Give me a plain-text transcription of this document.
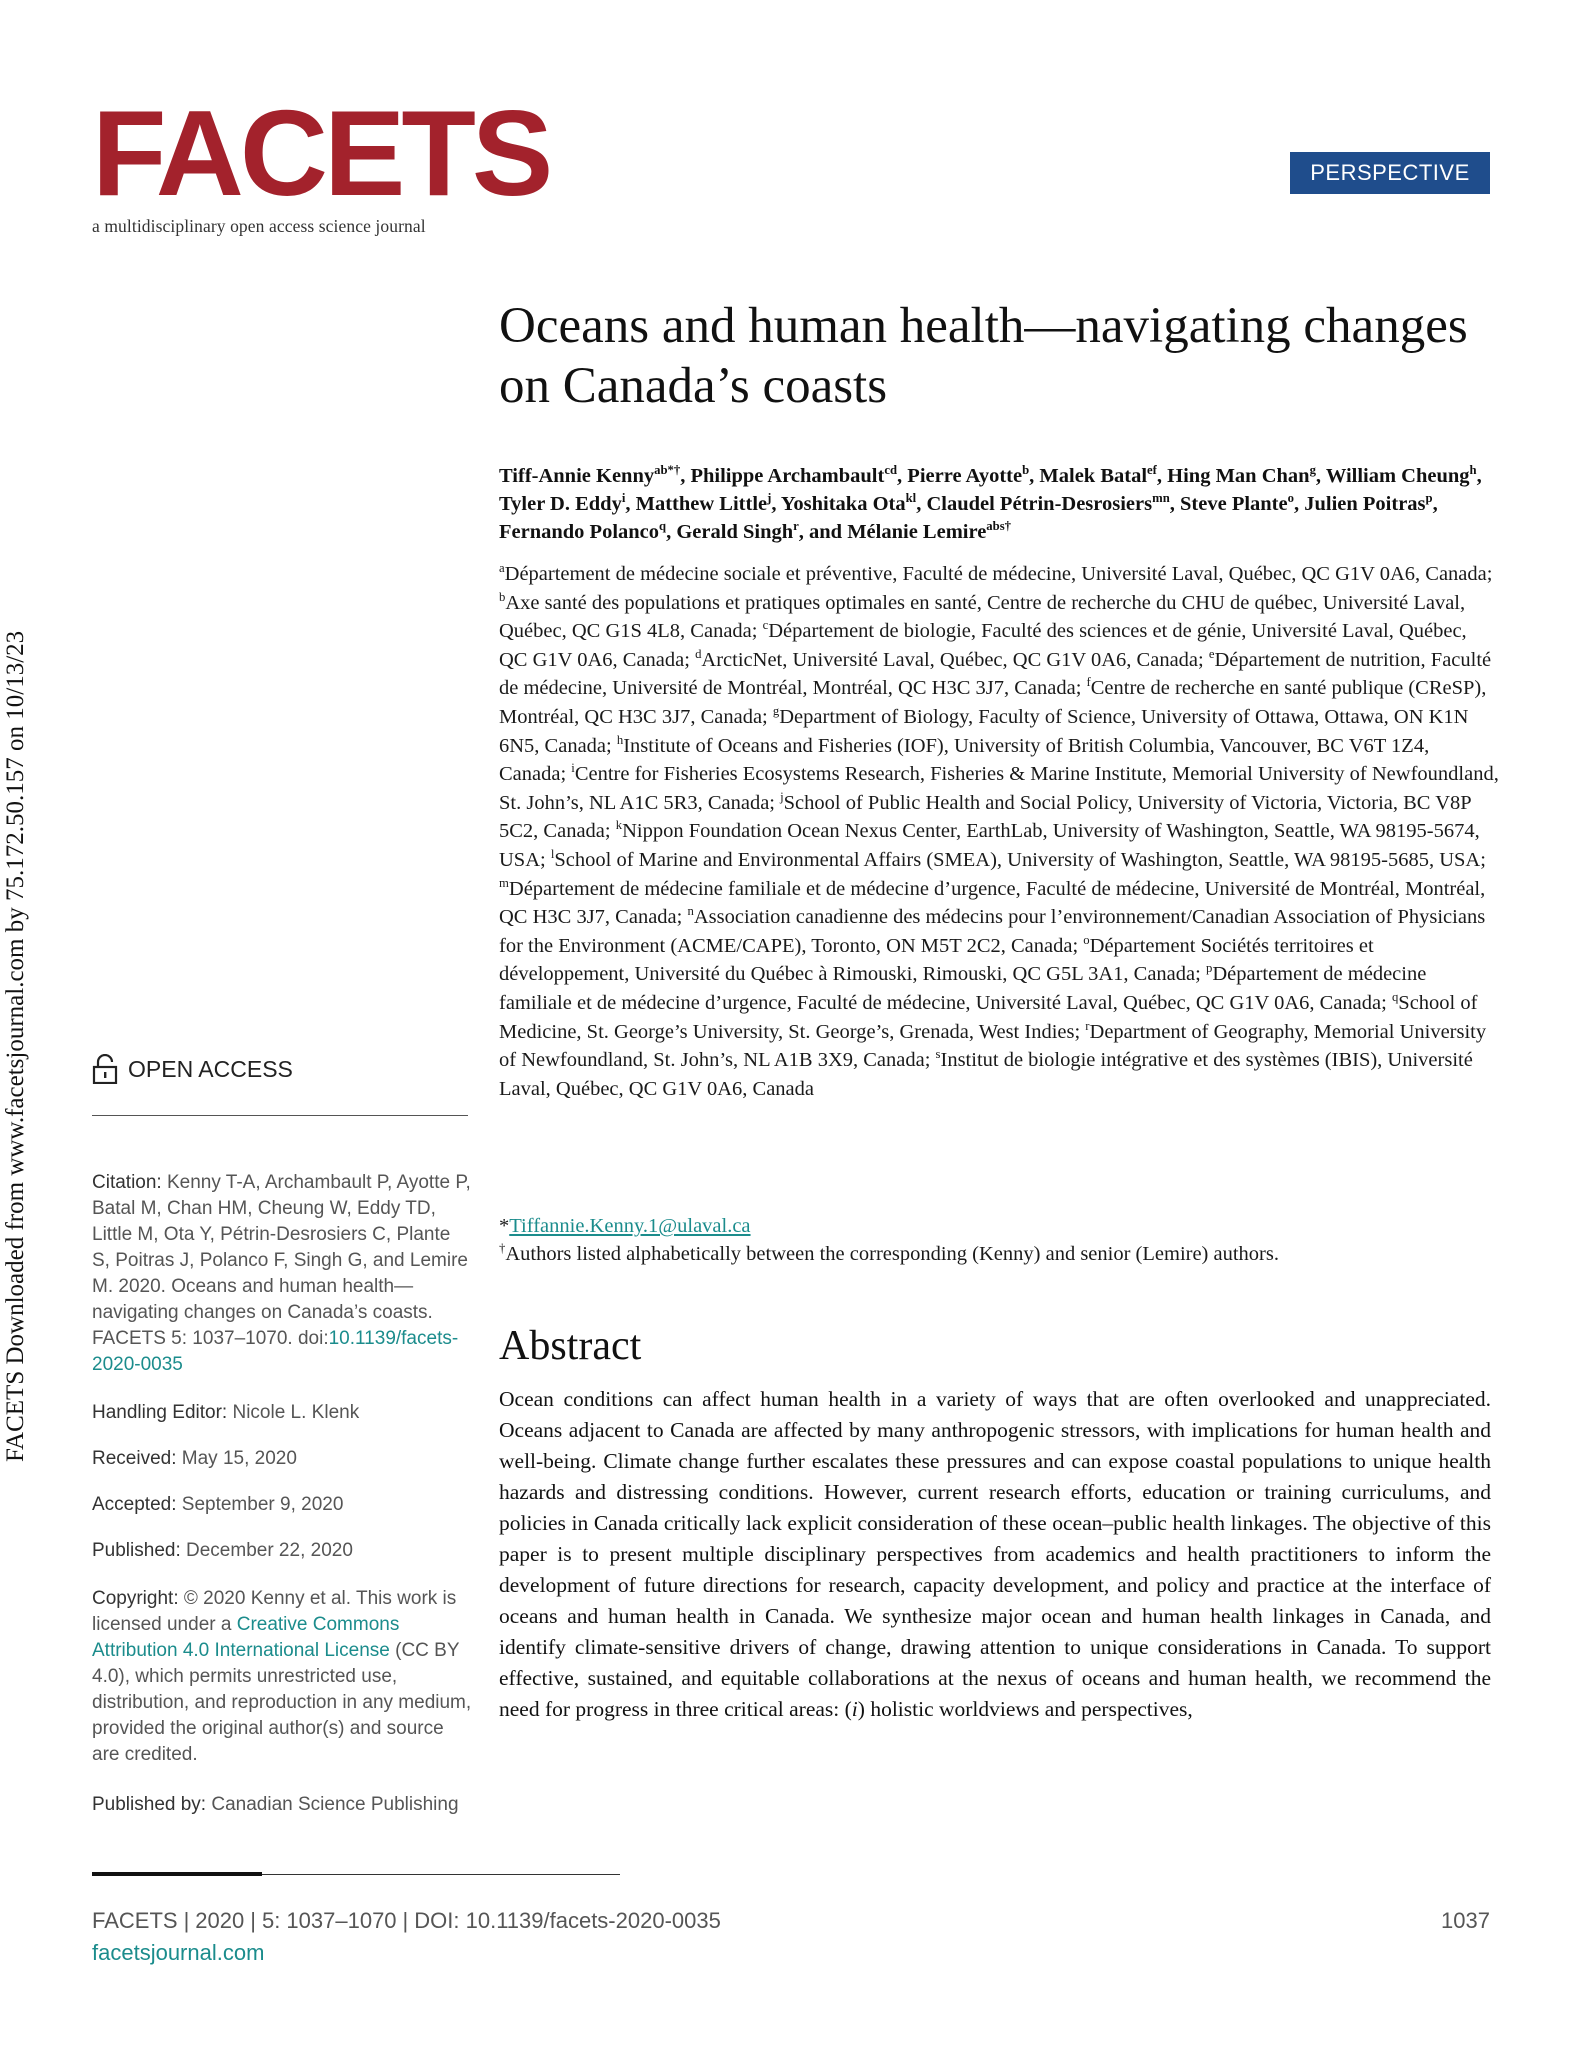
FACETS
a multidisciplinary open access science journal
PERSPECTIVE
FACETS Downloaded from www.facetsjournal.com by 75.172.50.157 on 10/13/23
Oceans and human health—navigating changes on Canada’s coasts
Tiff-Annie Kenny$^{ab*\dagger}$, Philippe Archambault$^{cd}$, Pierre Ayotte$^b$, Malek Batal$^{ef}$, Hing Man Chan$^g$, William Cheung$^h$, Tyler D. Eddy$^i$, Matthew Little$^j$, Yoshitaka Ota$^{kl}$, Claudel Pétrin-Desrosiers$^{mn}$, Steve Plante$^o$, Julien Poitras$^p$, Fernando Polanco$^q$, Gerald Singh$^r$, and Mélanie Lemire$^{abs\dagger}$
$^a$Département de médecine sociale et préventive, Faculté de médecine, Université Laval, Québec, QC G1V 0A6, Canada; $^b$Axe santé des populations et pratiques optimales en santé, Centre de recherche du CHU de québec, Université Laval, Québec, QC G1S 4L8, Canada; $^c$Département de biologie, Faculté des sciences et de génie, Université Laval, Québec, QC G1V 0A6, Canada; $^d$ArcticNet, Université Laval, Québec, QC G1V 0A6, Canada; $^e$Département de nutrition, Faculté de médecine, Université de Montréal, Montréal, QC H3C 3J7, Canada; $^f$Centre de recherche en santé publique (CReSP), Montréal, QC H3C 3J7, Canada; $^g$Department of Biology, Faculty of Science, University of Ottawa, Ottawa, ON K1N 6N5, Canada; $^h$Institute of Oceans and Fisheries (IOF), University of British Columbia, Vancouver, BC V6T 1Z4, Canada; $^i$Centre for Fisheries Ecosystems Research, Fisheries & Marine Institute, Memorial University of Newfoundland, St. John’s, NL A1C 5R3, Canada; $^j$School of Public Health and Social Policy, University of Victoria, Victoria, BC V8P 5C2, Canada; $^k$Nippon Foundation Ocean Nexus Center, EarthLab, University of Washington, Seattle, WA 98195-5674, USA; $^l$School of Marine and Environmental Affairs (SMEA), University of Washington, Seattle, WA 98195-5685, USA; $^m$Département de médecine familiale et de médecine d’urgence, Faculté de médecine, Université de Montréal, Montréal, QC H3C 3J7, Canada; $^n$Association canadienne des médecins pour l’environnement/Canadian Association of Physicians for the Environment (ACME/CAPE), Toronto, ON M5T 2C2, Canada; $^o$Département Sociétés territoires et développement, Université du Québec à Rimouski, Rimouski, QC G5L 3A1, Canada; $^p$Département de médecine familiale et de médecine d’urgence, Faculté de médecine, Université Laval, Québec, QC G1V 0A6, Canada; $^q$School of Medicine, St. George’s University, St. George’s, Grenada, West Indies; $^r$Department of Geography, Memorial University of Newfoundland, St. John’s, NL A1B 3X9, Canada; $^s$Institut de biologie intégrative et des systèmes (IBIS), Université Laval, Québec, QC G1V 0A6, Canada
*Tiffannie.Kenny.1@ulaval.ca
†Authors listed alphabetically between the corresponding (Kenny) and senior (Lemire) authors.
Abstract
Ocean conditions can affect human health in a variety of ways that are often overlooked and unappreciated. Oceans adjacent to Canada are affected by many anthropogenic stressors, with implications for human health and well-being. Climate change further escalates these pressures and can expose coastal populations to unique health hazards and distressing conditions. However, current research efforts, education or training curriculums, and policies in Canada critically lack explicit consideration of these ocean–public health linkages. The objective of this paper is to present multiple disciplinary perspectives from academics and health practitioners to inform the development of future directions for research, capacity development, and policy and practice at the interface of oceans and human health in Canada. We synthesize major ocean and human health linkages in Canada, and identify climate-sensitive drivers of change, drawing attention to unique considerations in Canada. To support effective, sustained, and equitable collaborations at the nexus of oceans and human health, we recommend the need for progress in three critical areas: (i) holistic worldviews and perspectives,
OPEN ACCESS
Citation: Kenny T-A, Archambault P, Ayotte P, Batal M, Chan HM, Cheung W, Eddy TD, Little M, Ota Y, Pétrin-Desrosiers C, Plante S, Poitras J, Polanco F, Singh G, and Lemire M. 2020. Oceans and human health—navigating changes on Canada’s coasts. FACETS 5: 1037–1070. doi:10.1139/facets-2020-0035
Handling Editor: Nicole L. Klenk
Received: May 15, 2020
Accepted: September 9, 2020
Published: December 22, 2020
Copyright: © 2020 Kenny et al. This work is licensed under a Creative Commons Attribution 4.0 International License (CC BY 4.0), which permits unrestricted use, distribution, and reproduction in any medium, provided the original author(s) and source are credited.
Published by: Canadian Science Publishing
FACETS | 2020 | 5: 1037–1070 | DOI: 10.1139/facets-2020-0035
facetsjournal.com
1037
